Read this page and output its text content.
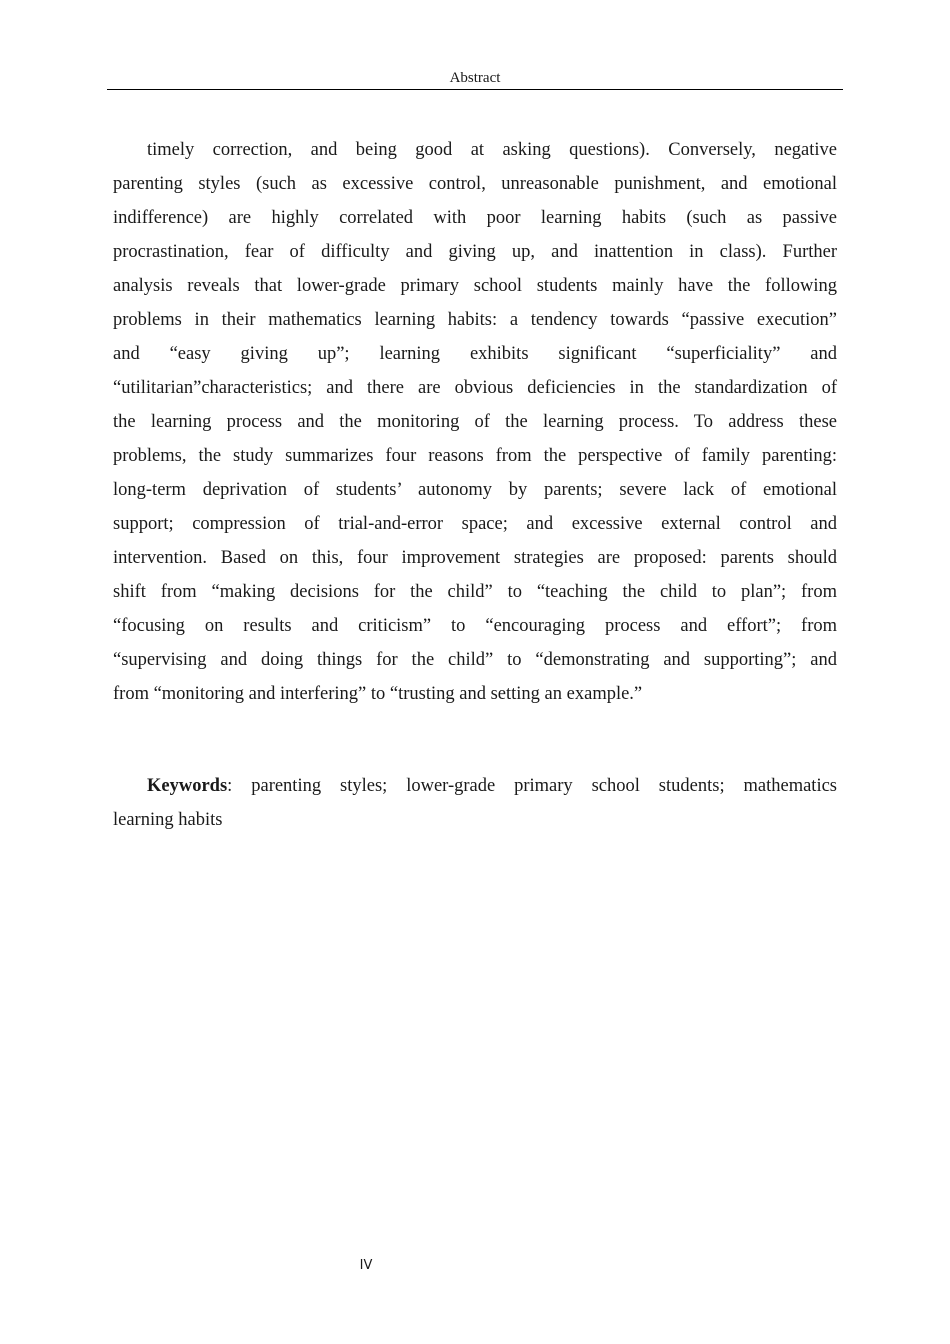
Abstract
timely correction, and being good at asking questions). Conversely, negative
parenting styles (such as excessive control, unreasonable punishment, and emotional
indifference) are highly correlated with poor learning habits (such as passive
procrastination, fear of difficulty and giving up, and inattention in class). Further
analysis reveals that lower-grade primary school students mainly have the following
problems in their mathematics learning habits: a tendency towards “passive execution”
and “easy giving up”; learning exhibits significant “superficiality” and
“utilitarian”characteristics; and there are obvious deficiencies in the standardization of
the learning process and the monitoring of the learning process. To address these
problems, the study summarizes four reasons from the perspective of family parenting:
long-term deprivation of students’ autonomy by parents; severe lack of emotional
support; compression of trial-and-error space; and excessive external control and
intervention. Based on this, four improvement strategies are proposed: parents should
shift from “making decisions for the child” to “teaching the child to plan”; from
“focusing on results and criticism” to “encouraging process and effort”; from
“supervising and doing things for the child” to “demonstrating and supporting”; and
from “monitoring and interfering” to “trusting and setting an example.”
Keywords: parenting styles; lower-grade primary school students; mathematics
learning habits
IV
